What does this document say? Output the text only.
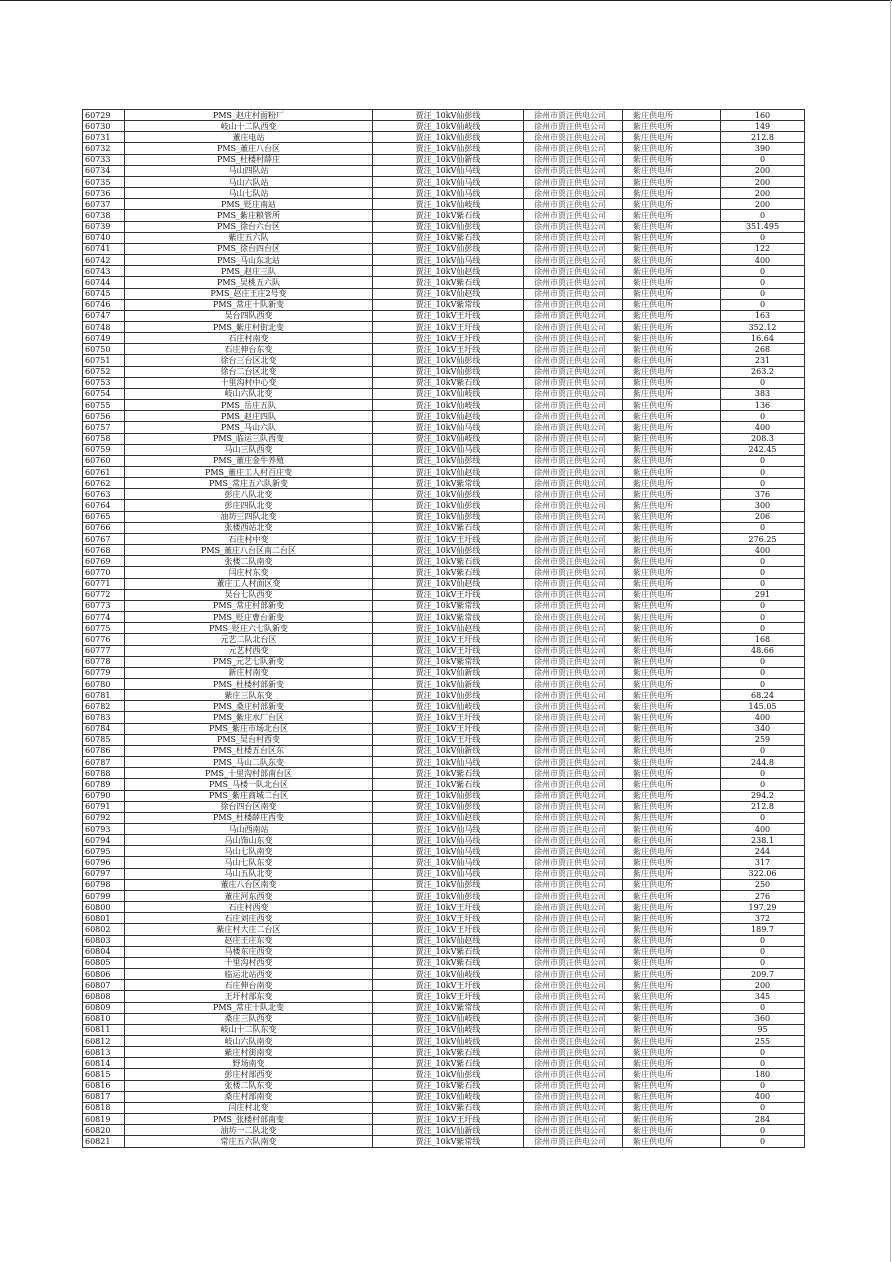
60729	PMS_赵庄村面粉厂	贾汪_10kV仙彭线	徐州市贾汪供电公司	紫庄供电所	160
60730	岐山十二队西变	贾汪_10kV仙岐线	徐州市贾汪供电公司	紫庄供电所	149
60731	董庄电站	贾汪_10kV仙彭线	徐州市贾汪供电公司	紫庄供电所	212.8
60732	PMS_董庄八台区	贾汪_10kV仙彭线	徐州市贾汪供电公司	紫庄供电所	390
60733	PMS_杜楼村薛庄	贾汪_10kV仙新线	徐州市贾汪供电公司	紫庄供电所	0
60734	马山四队站	贾汪_10kV仙马线	徐州市贾汪供电公司	紫庄供电所	200
60735	马山六队站	贾汪_10kV仙马线	徐州市贾汪供电公司	紫庄供电所	200
60736	马山七队站	贾汪_10kV仙马线	徐州市贾汪供电公司	紫庄供电所	200
60737	PMS_贬庄南站	贾汪_10kV仙岐线	徐州市贾汪供电公司	紫庄供电所	200
60738	PMS_紫庄粮管所	贾汪_10kV紫石线	徐州市贾汪供电公司	紫庄供电所	0
60739	PMS_徐台六台区	贾汪_10kV仙彭线	徐州市贾汪供电公司	紫庄供电所	351.495
60740	紫庄五六队	贾汪_10kV紫石线	徐州市贾汪供电公司	紫庄供电所	0
60741	PMS_徐台四台区	贾汪_10kV仙彭线	徐州市贾汪供电公司	紫庄供电所	122
60742	PMS_马山东北站	贾汪_10kV仙马线	徐州市贾汪供电公司	紫庄供电所	400
60743	PMS_赵庄三队	贾汪_10kV仙赵线	徐州市贾汪供电公司	紫庄供电所	0
60744	PMS_吴桃五六队	贾汪_10kV紫石线	徐州市贾汪供电公司	紫庄供电所	0
60745	PMS_赵庄王庄2号变	贾汪_10kV仙赵线	徐州市贾汪供电公司	紫庄供电所	0
60746	PMS_常庄十队新变	贾汪_10kV紫常线	徐州市贾汪供电公司	紫庄供电所	0
60747	吴台四队西变	贾汪_10kV王圩线	徐州市贾汪供电公司	紫庄供电所	163
60748	PMS_紫庄村街北变	贾汪_10kV王圩线	徐州市贾汪供电公司	紫庄供电所	352.12
60749	石庄村南变	贾汪_10kV王圩线	徐州市贾汪供电公司	紫庄供电所	16.64
60750	石庄伸台东变	贾汪_10kV王圩线	徐州市贾汪供电公司	紫庄供电所	268
60751	徐台三台区北变	贾汪_10kV仙彭线	徐州市贾汪供电公司	紫庄供电所	231
60752	徐台二台区北变	贾汪_10kV仙彭线	徐州市贾汪供电公司	紫庄供电所	263.2
60753	十里沟村中心变	贾汪_10kV紫石线	徐州市贾汪供电公司	紫庄供电所	0
60754	岐山六队北变	贾汪_10kV仙岐线	徐州市贾汪供电公司	紫庄供电所	383
60755	PMS_岳庄五队	贾汪_10kV仙岐线	徐州市贾汪供电公司	紫庄供电所	136
60756	PMS_赵庄四队	贾汪_10kV仙赵线	徐州市贾汪供电公司	紫庄供电所	0
60757	PMS_马山六队	贾汪_10kV仙马线	徐州市贾汪供电公司	紫庄供电所	400
60758	PMS_临运三队西变	贾汪_10kV仙岐线	徐州市贾汪供电公司	紫庄供电所	208.3
60759	马山三队西变	贾汪_10kV仙马线	徐州市贾汪供电公司	紫庄供电所	242.45
60760	PMS_董庄金牛养殖	贾汪_10kV仙彭线	徐州市贾汪供电公司	紫庄供电所	0
60761	PMS_董庄工人村百庄变	贾汪_10kV仙赵线	徐州市贾汪供电公司	紫庄供电所	0
60762	PMS_常庄五六队新变	贾汪_10kV紫常线	徐州市贾汪供电公司	紫庄供电所	0
60763	彭庄八队北变	贾汪_10kV仙彭线	徐州市贾汪供电公司	紫庄供电所	376
60764	彭庄四队北变	贾汪_10kV仙彭线	徐州市贾汪供电公司	紫庄供电所	300
60765	油坊三四队北变	贾汪_10kV仙彭线	徐州市贾汪供电公司	紫庄供电所	206
60766	张楼西站北变	贾汪_10kV紫石线	徐州市贾汪供电公司	紫庄供电所	0
60767	石庄村中变	贾汪_10kV王圩线	徐州市贾汪供电公司	紫庄供电所	276.25
60768	PMS_董庄八台区南二台区	贾汪_10kV仙彭线	徐州市贾汪供电公司	紫庄供电所	400
60769	张楼二队南变	贾汪_10kV紫石线	徐州市贾汪供电公司	紫庄供电所	0
60770	闫庄村东变	贾汪_10kV紫石线	徐州市贾汪供电公司	紫庄供电所	0
60771	董庄工人村面区变	贾汪_10kV仙赵线	徐州市贾汪供电公司	紫庄供电所	0
60772	吴台七队西变	贾汪_10kV王圩线	徐州市贾汪供电公司	紫庄供电所	291
60773	PMS_常庄村部新变	贾汪_10kV紫常线	徐州市贾汪供电公司	紫庄供电所	0
60774	PMS_贬庄曹台新变	贾汪_10kV紫常线	徐州市贾汪供电公司	紫庄供电所	0
60775	PMS_贬庄六七队新变	贾汪_10kV仙赵线	徐州市贾汪供电公司	紫庄供电所	0
60776	元艺二队北台区	贾汪_10kV王圩线	徐州市贾汪供电公司	紫庄供电所	168
60777	元艺村西变	贾汪_10kV王圩线	徐州市贾汪供电公司	紫庄供电所	48.66
60778	PMS_元艺七队新变	贾汪_10kV紫常线	徐州市贾汪供电公司	紫庄供电所	0
60779	新庄村南变	贾汪_10kV仙新线	徐州市贾汪供电公司	紫庄供电所	0
60780	PMS_杜楼村部新变	贾汪_10kV仙新线	徐州市贾汪供电公司	紫庄供电所	0
60781	紫庄三队东变	贾汪_10kV仙彭线	徐州市贾汪供电公司	紫庄供电所	68.24
60782	PMS_桑庄村部新变	贾汪_10kV仙岐线	徐州市贾汪供电公司	紫庄供电所	145.05
60783	PMS_紫庄水厂台区	贾汪_10kV王圩线	徐州市贾汪供电公司	紫庄供电所	400
60784	PMS_紫庄市场北台区	贾汪_10kV王圩线	徐州市贾汪供电公司	紫庄供电所	340
60785	PMS_吴台村西变	贾汪_10kV王圩线	徐州市贾汪供电公司	紫庄供电所	259
60786	PMS_杜楼五台区东	贾汪_10kV仙新线	徐州市贾汪供电公司	紫庄供电所	0
60787	PMS_马山二队东变	贾汪_10kV仙马线	徐州市贾汪供电公司	紫庄供电所	244.8
60788	PMS_十里沟村部南台区	贾汪_10kV紫石线	徐州市贾汪供电公司	紫庄供电所	0
60789	PMS_马楼一队北台区	贾汪_10kV紫石线	徐州市贾汪供电公司	紫庄供电所	0
60790	PMS_紫庄商城二台区	贾汪_10kV仙彭线	徐州市贾汪供电公司	紫庄供电所	294.2
60791	徐台四台区南变	贾汪_10kV仙彭线	徐州市贾汪供电公司	紫庄供电所	212.8
60792	PMS_杜楼薛庄西变	贾汪_10kV仙赵线	徐州市贾汪供电公司	紫庄供电所	0
60793	马山西南站	贾汪_10kV仙马线	徐州市贾汪供电公司	紫庄供电所	400
60794	马山饰山东变	贾汪_10kV仙马线	徐州市贾汪供电公司	紫庄供电所	238.1
60795	马山七队南变	贾汪_10kV仙马线	徐州市贾汪供电公司	紫庄供电所	244
60796	马山七队东变	贾汪_10kV仙马线	徐州市贾汪供电公司	紫庄供电所	317
60797	马山五队北变	贾汪_10kV仙马线	徐州市贾汪供电公司	紫庄供电所	322.06
60798	董庄八台区南变	贾汪_10kV仙彭线	徐州市贾汪供电公司	紫庄供电所	250
60799	董庄河东西变	贾汪_10kV仙彭线	徐州市贾汪供电公司	紫庄供电所	276
60800	石庄村西变	贾汪_10kV王圩线	徐州市贾汪供电公司	紫庄供电所	197.29
60801	石庄刘庄西变	贾汪_10kV王圩线	徐州市贾汪供电公司	紫庄供电所	372
60802	紫庄村大庄二台区	贾汪_10kV王圩线	徐州市贾汪供电公司	紫庄供电所	189.7
60803	赵庄王庄东变	贾汪_10kV仙赵线	徐州市贾汪供电公司	紫庄供电所	0
60804	马楼东庄西变	贾汪_10kV紫石线	徐州市贾汪供电公司	紫庄供电所	0
60805	十里沟村西变	贾汪_10kV紫石线	徐州市贾汪供电公司	紫庄供电所	0
60806	临运北站西变	贾汪_10kV仙岐线	徐州市贾汪供电公司	紫庄供电所	209.7
60807	石庄伸台南变	贾汪_10kV王圩线	徐州市贾汪供电公司	紫庄供电所	200
60808	王圩村部东变	贾汪_10kV王圩线	徐州市贾汪供电公司	紫庄供电所	345
60809	PMS_常庄十队北变	贾汪_10kV紫常线	徐州市贾汪供电公司	紫庄供电所	0
60810	桑庄三队西变	贾汪_10kV仙岐线	徐州市贾汪供电公司	紫庄供电所	360
60811	岐山十二队东变	贾汪_10kV仙岐线	徐州市贾汪供电公司	紫庄供电所	95
60812	岐山六队南变	贾汪_10kV仙岐线	徐州市贾汪供电公司	紫庄供电所	255
60813	紫庄村街南变	贾汪_10kV紫石线	徐州市贾汪供电公司	紫庄供电所	0
60814	野场南变	贾汪_10kV紫石线	徐州市贾汪供电公司	紫庄供电所	0
60815	彭庄村部西变	贾汪_10kV仙彭线	徐州市贾汪供电公司	紫庄供电所	180
60816	张楼二队东变	贾汪_10kV紫石线	徐州市贾汪供电公司	紫庄供电所	0
60817	桑庄村部南变	贾汪_10kV仙岐线	徐州市贾汪供电公司	紫庄供电所	400
60818	闫庄村北变	贾汪_10kV紫石线	徐州市贾汪供电公司	紫庄供电所	0
60819	PMS_张楼村部南变	贾汪_10kV王圩线	徐州市贾汪供电公司	紫庄供电所	284
60820	油坊一二队北变	贾汪_10kV仙新线	徐州市贾汪供电公司	紫庄供电所	0
60821	常庄五六队南变	贾汪_10kV紫常线	徐州市贾汪供电公司	紫庄供电所	0
